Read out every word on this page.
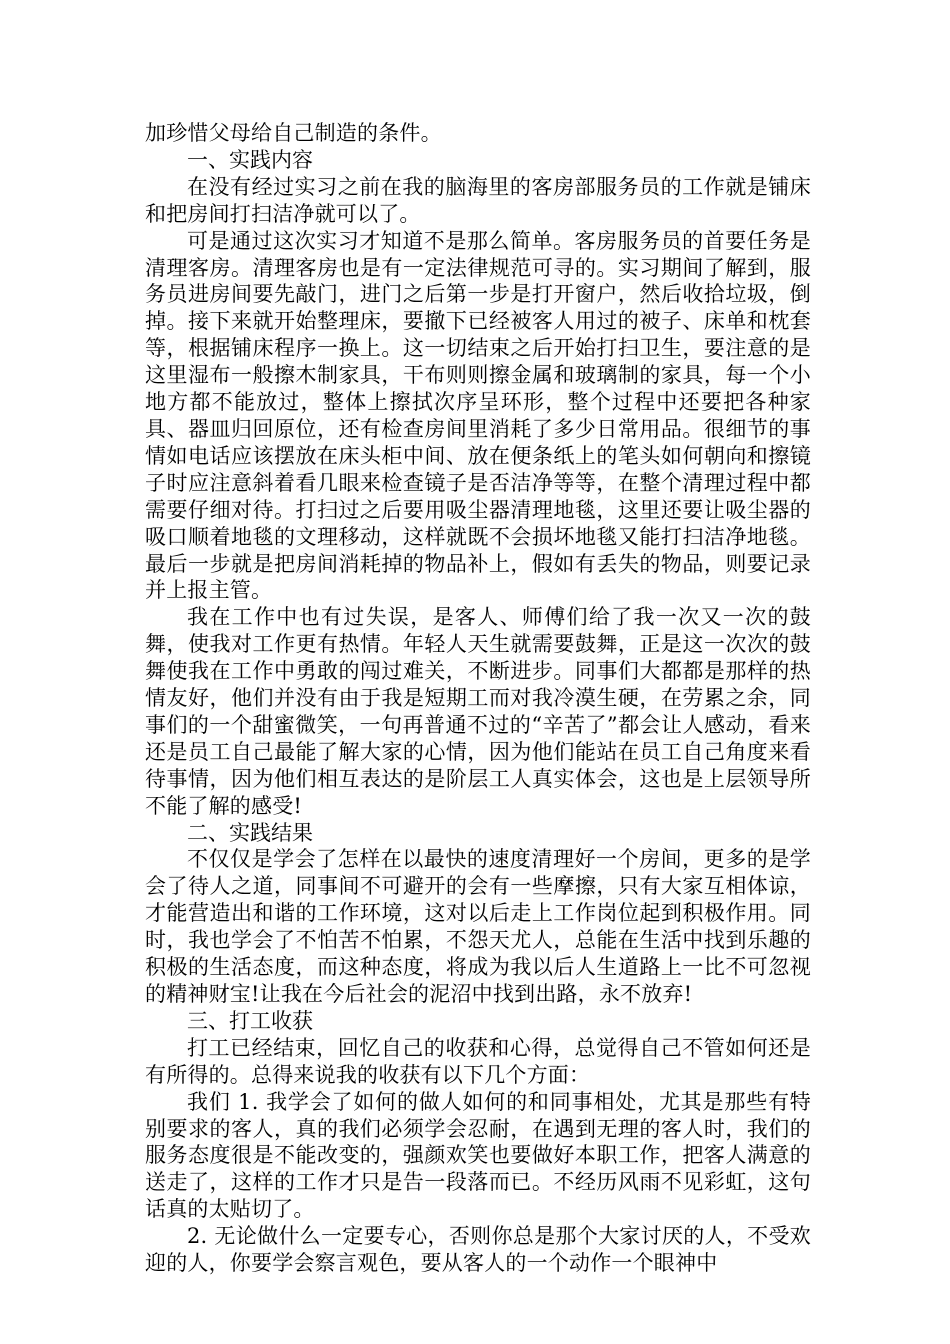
加珍惜父母给自己制造的条件。

一、实践内容

在没有经过实习之前在我的脑海里的客房部服务员的工作就是铺床和把房间打扫洁净就可以了。

可是通过这次实习才知道不是那么简单。客房服务员的首要任务是清理客房。清理客房也是有一定法律规范可寻的。实习期间了解到，服务员进房间要先敲门，进门之后第一步是打开窗户，然后收拾垃圾，倒掉。接下来就开始整理床，要撤下已经被客人用过的被子、床单和枕套等，根据铺床程序一换上。这一切结束之后开始打扫卫生，要注意的是这里湿布一般擦木制家具，干布则则擦金属和玻璃制的家具，每一个小地方都不能放过，整体上擦拭次序呈环形，整个过程中还要把各种家具、器皿归回原位，还有检查房间里消耗了多少日常用品。很细节的事情如电话应该摆放在床头柜中间、放在便条纸上的笔头如何朝向和擦镜子时应注意斜着看几眼来检查镜子是否洁净等等，在整个清理过程中都需要仔细对待。打扫过之后要用吸尘器清理地毯，这里还要让吸尘器的吸口顺着地毯的文理移动，这样就既不会损坏地毯又能打扫洁净地毯。最后一步就是把房间消耗掉的物品补上，假如有丢失的物品，则要记录并上报主管。

我在工作中也有过失误，是客人、师傅们给了我一次又一次的鼓舞，使我对工作更有热情。年轻人天生就需要鼓舞，正是这一次次的鼓舞使我在工作中勇敢的闯过难关，不断进步。同事们大都都是那样的热情友好，他们并没有由于我是短期工而对我冷漠生硬，在劳累之余，同事们的一个甜蜜微笑，一句再普通不过的“辛苦了”都会让人感动，看来还是员工自己最能了解大家的心情，因为他们能站在员工自己角度来看待事情，因为他们相互表达的是阶层工人真实体会，这也是上层领导所不能了解的感受!

二、实践结果

不仅仅是学会了怎样在以最快的速度清理好一个房间，更多的是学会了待人之道，同事间不可避开的会有一些摩擦，只有大家互相体谅，才能营造出和谐的工作环境，这对以后走上工作岗位起到积极作用。同时，我也学会了不怕苦不怕累，不怨天尤人，总能在生活中找到乐趣的积极的生活态度，而这种态度，将成为我以后人生道路上一比不可忽视的精神财宝!让我在今后社会的泥沼中找到出路，永不放弃!

三、打工收获

打工已经结束，回忆自己的收获和心得，总觉得自己不管如何还是有所得的。总得来说我的收获有以下几个方面：

我们 1. 我学会了如何的做人如何的和同事相处，尤其是那些有特别要求的客人，真的我们必须学会忍耐，在遇到无理的客人时，我们的服务态度很是不能改变的，强颜欢笑也要做好本职工作，把客人满意的送走了，这样的工作才只是告一段落而已。不经历风雨不见彩虹，这句话真的太贴切了。

2. 无论做什么一定要专心，否则你总是那个大家讨厌的人，不受欢迎的人，你要学会察言观色，要从客人的一个动作一个眼神中
